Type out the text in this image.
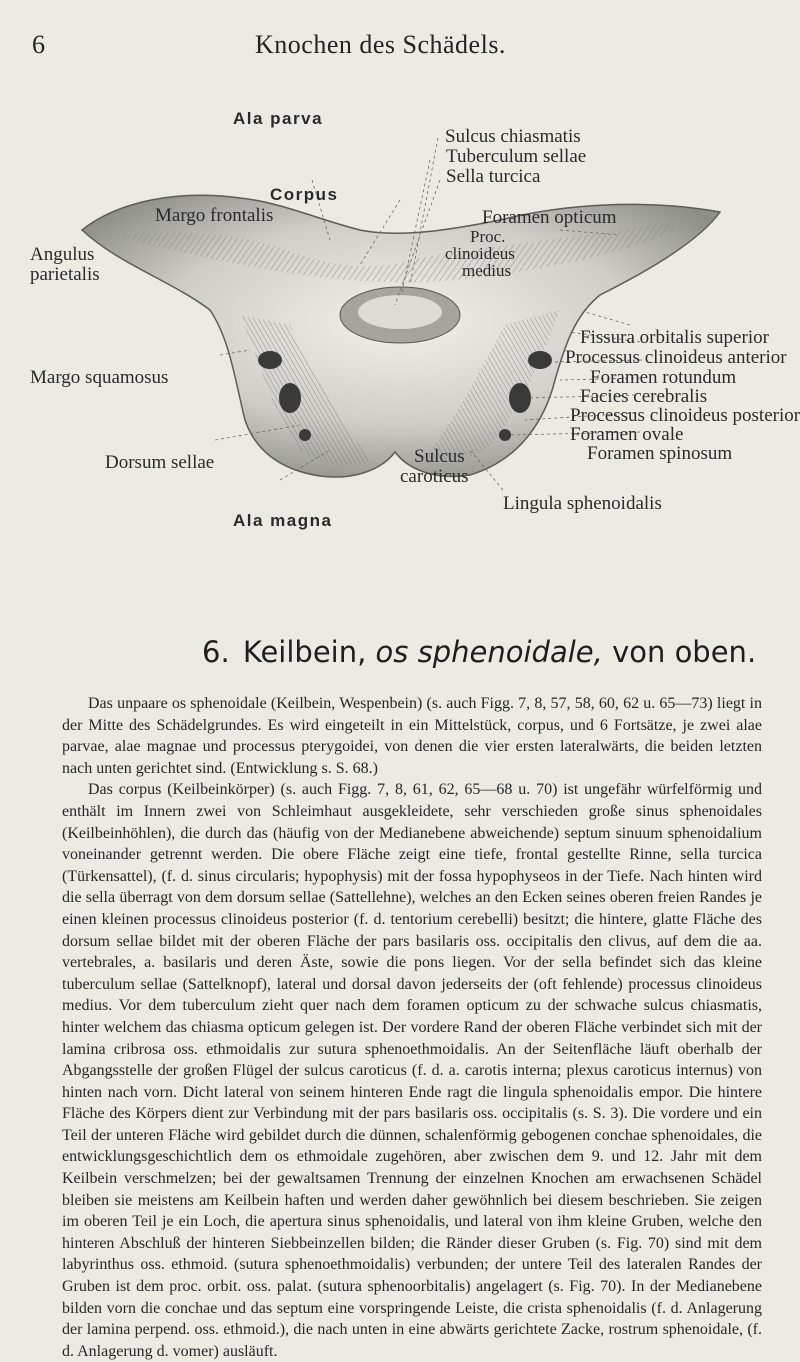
6	Knochen des Schädels.
Ala parva
Sulcus chiasmatis
Tuberculum sellae
Sella turcica
Corpus
Margo frontalis	Foramen opticum
Proc.
clinoideus
medius
Angulus
parietalis
Fissura orbitalis superior
Processus clinoideus anterior
Foramen rotundum
Margo squamosus
Facies cerebralis
Processus clinoideus posterior
Foramen ovale
Foramen spinosum
Dorsum sellae	Sulcus
caroticus
Lingula sphenoidalis
Ala magna
6. Keilbein, os sphenoidale, von oben.

Das unpaare os sphenoidale (Keilbein, Wespenbein) (s. auch Figg. 7, 8, 57, 58, 60, 62 u. 65—73) liegt in der Mitte des Schädelgrundes. Es wird eingeteilt in ein Mittelstück, corpus, und 6 Fortsätze, je zwei alae parvae, alae magnae und processus pterygoidei, von denen die vier ersten lateralwärts, die beiden letzten nach unten gerichtet sind. (Entwicklung s. S. 68.)

Das corpus (Keilbeinkörper) (s. auch Figg. 7, 8, 61, 62, 65—68 u. 70) ist ungefähr würfelförmig und enthält im Innern zwei von Schleimhaut ausgekleidete, sehr verschieden große sinus sphenoidales (Keilbeinhöhlen), die durch das (häufig von der Medianebene abweichende) septum sinuum sphenoidalium voneinander getrennt werden. Die obere Fläche zeigt eine tiefe, frontal gestellte Rinne, sella turcica (Türkensattel), (f. d. sinus circularis; hypophysis) mit der fossa hypophyseos in der Tiefe. Nach hinten wird die sella überragt von dem dorsum sellae (Sattellehne), welches an den Ecken seines oberen freien Randes je einen kleinen processus clinoideus posterior (f. d. tentorium cerebelli) besitzt; die hintere, glatte Fläche des dorsum sellae bildet mit der oberen Fläche der pars basilaris oss. occipitalis den clivus, auf dem die aa. vertebrales, a. basilaris und deren Äste, sowie die pons liegen. Vor der sella befindet sich das kleine tuberculum sellae (Sattelknopf), lateral und dorsal davon jederseits der (oft fehlende) processus clinoideus medius. Vor dem tuberculum zieht quer nach dem foramen opticum zu der schwache sulcus chiasmatis, hinter welchem das chiasma opticum gelegen ist. Der vordere Rand der oberen Fläche verbindet sich mit der lamina cribrosa oss. ethmoidalis zur sutura sphenoethmoidalis. An der Seitenfläche läuft oberhalb der Abgangsstelle der großen Flügel der sulcus caroticus (f. d. a. carotis interna; plexus caroticus internus) von hinten nach vorn. Dicht lateral von seinem hinteren Ende ragt die lingula sphenoidalis empor. Die hintere Fläche des Körpers dient zur Verbindung mit der pars basilaris oss. occipitalis (s. S. 3). Die vordere und ein Teil der unteren Fläche wird gebildet durch die dünnen, schalenförmig gebogenen conchae sphenoidales, die entwicklungsgeschichtlich dem os ethmoidale zugehören, aber zwischen dem 9. und 12. Jahr mit dem Keilbein verschmelzen; bei der gewaltsamen Trennung der einzelnen Knochen am erwachsenen Schädel bleiben sie meistens am Keilbein haften und werden daher gewöhnlich bei diesem beschrieben. Sie zeigen im oberen Teil je ein Loch, die apertura sinus sphenoidalis, und lateral von ihm kleine Gruben, welche den hinteren Abschluß der hinteren Siebbeinzellen bilden; die Ränder dieser Gruben (s. Fig. 70) sind mit dem labyrinthus oss. ethmoid. (sutura sphenoethmoidalis) verbunden; der untere Teil des lateralen Randes der Gruben ist dem proc. orbit. oss. palat. (sutura sphenoorbitalis) angelagert (s. Fig. 70). In der Medianebene bilden vorn die conchae und das septum eine vorspringende Leiste, die crista sphenoidalis (f. d. Anlagerung der lamina perpend. oss. ethmoid.), die nach unten in eine abwärts gerichtete Zacke, rostrum sphenoidale, (f. d. Anlagerung d. vomer) ausläuft.
